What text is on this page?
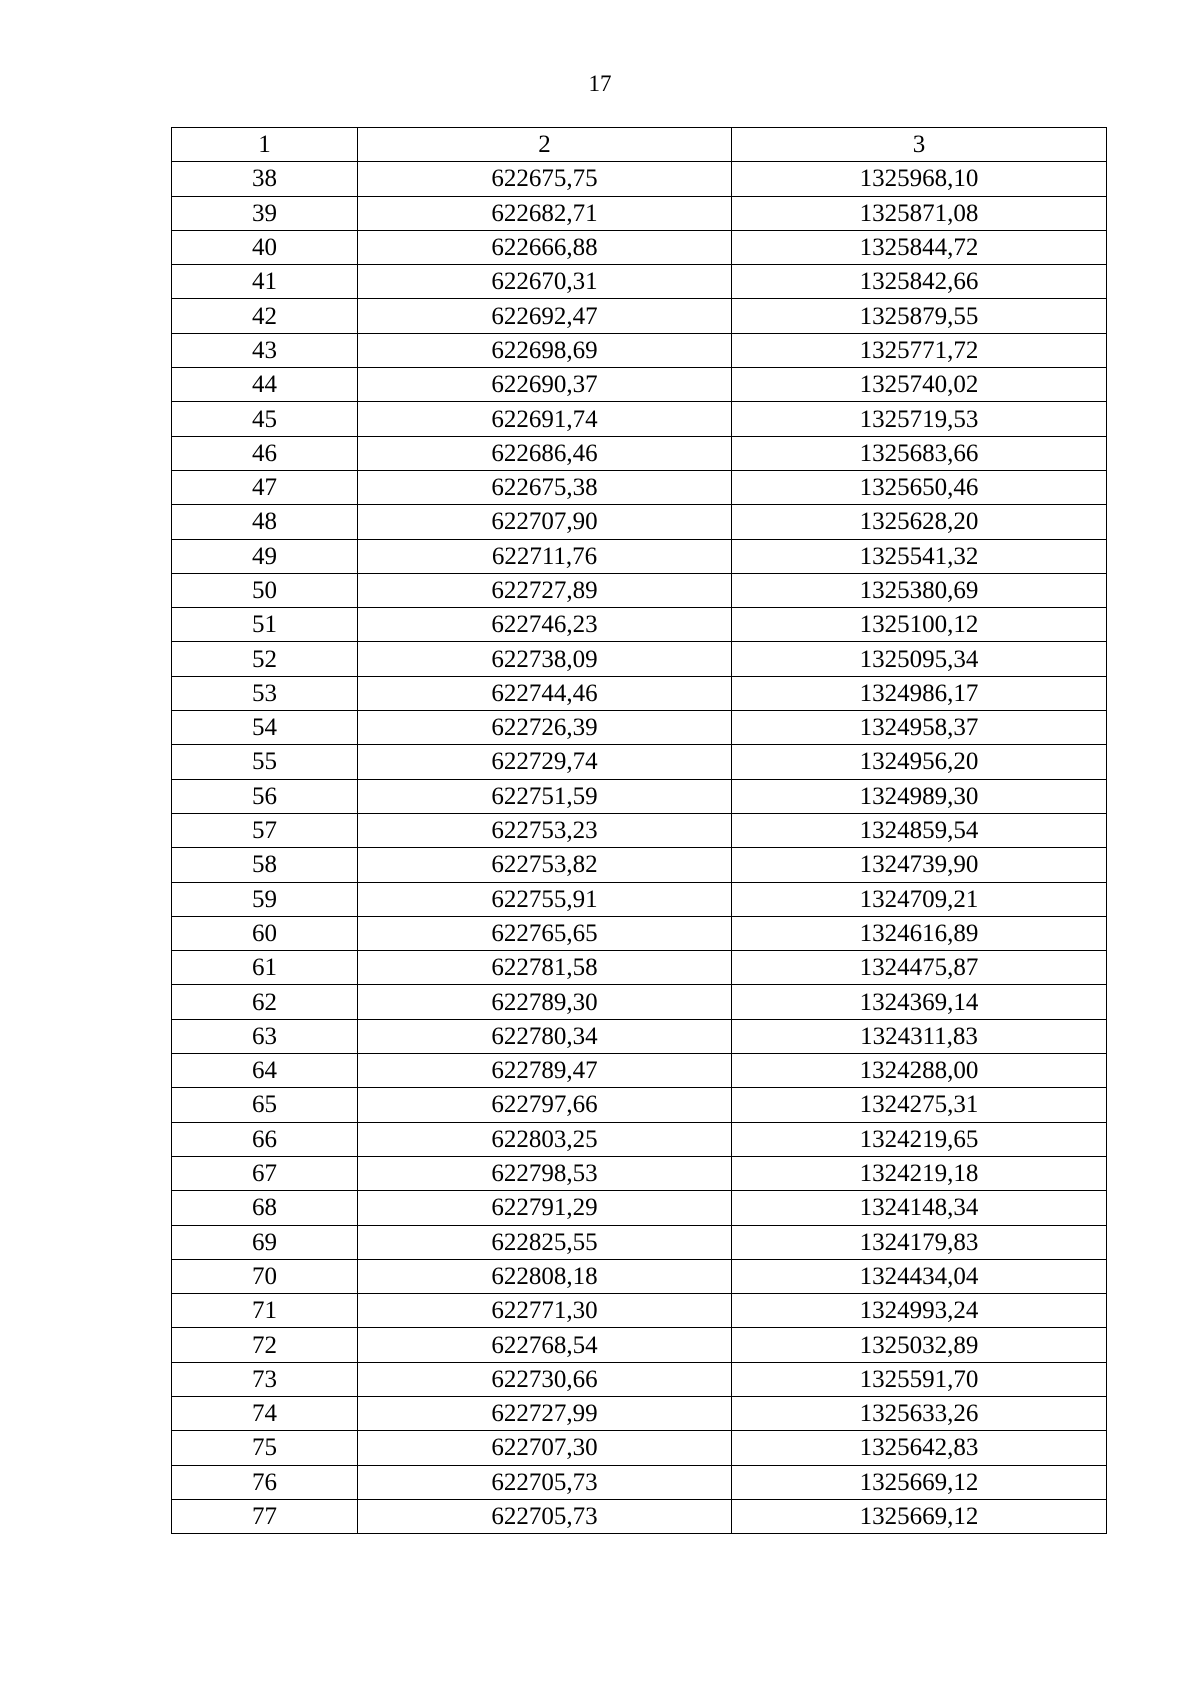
17
1	2	3
38	622675,75	1325968,10
39	622682,71	1325871,08
40	622666,88	1325844,72
41	622670,31	1325842,66
42	622692,47	1325879,55
43	622698,69	1325771,72
44	622690,37	1325740,02
45	622691,74	1325719,53
46	622686,46	1325683,66
47	622675,38	1325650,46
48	622707,90	1325628,20
49	622711,76	1325541,32
50	622727,89	1325380,69
51	622746,23	1325100,12
52	622738,09	1325095,34
53	622744,46	1324986,17
54	622726,39	1324958,37
55	622729,74	1324956,20
56	622751,59	1324989,30
57	622753,23	1324859,54
58	622753,82	1324739,90
59	622755,91	1324709,21
60	622765,65	1324616,89
61	622781,58	1324475,87
62	622789,30	1324369,14
63	622780,34	1324311,83
64	622789,47	1324288,00
65	622797,66	1324275,31
66	622803,25	1324219,65
67	622798,53	1324219,18
68	622791,29	1324148,34
69	622825,55	1324179,83
70	622808,18	1324434,04
71	622771,30	1324993,24
72	622768,54	1325032,89
73	622730,66	1325591,70
74	622727,99	1325633,26
75	622707,30	1325642,83
76	622705,73	1325669,12
77	622705,73	1325669,12
